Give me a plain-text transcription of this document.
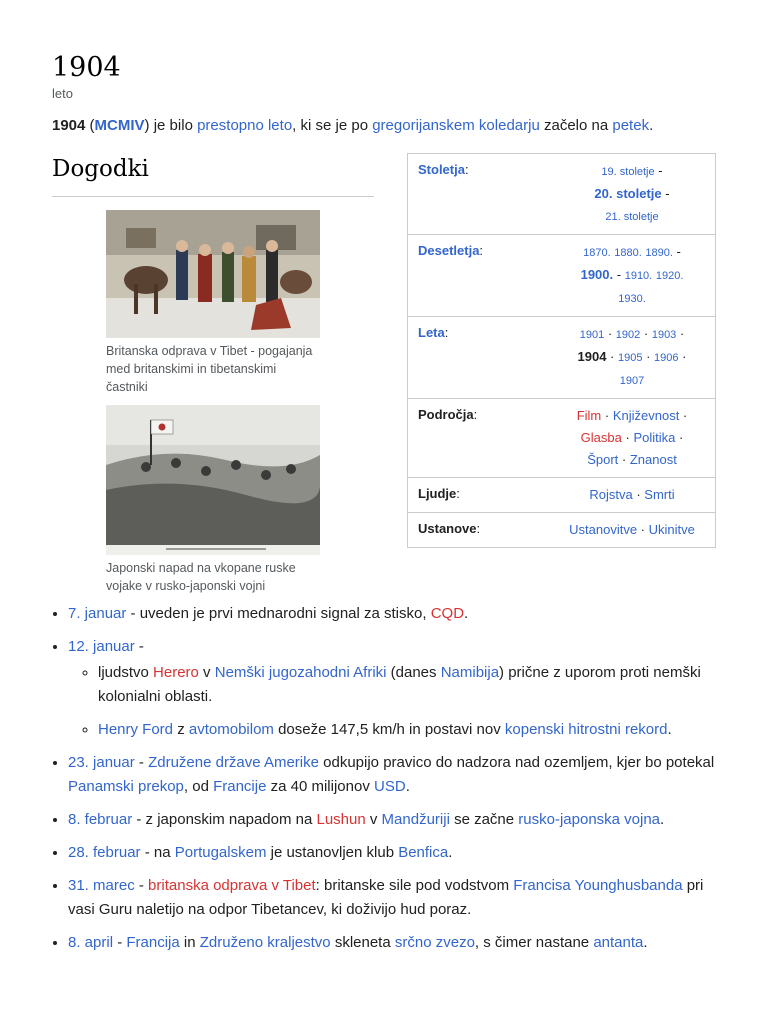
1904
leto
1904 (MCMIV) je bilo prestopno leto, ki se je po gregorijanskem koledarju začelo na petek.
Dogodki
Britanska odprava v Tibet - pogajanja med britanskimi in tibetanskimi častniki
Japonski napad na vkopane ruske vojake v rusko-japonski vojni
Stoletja:	19. stoletje -
20. stoletje -
21. stoletje
Desetletja:	1870. 1880. 1890. -
1900. - 1910. 1920.
1930.
Leta:	1901 · 1902 · 1903 ·
1904 · 1905 · 1906 ·
1907
Področja:	Film · Književnost ·
Glasba · Politika ·
Šport · Znanost
Ljudje:	Rojstva · Smrti
Ustanove:	Ustanovitve · Ukinitve
• 7. januar - uveden je prvi mednarodni signal za stisko, CQD.
• 12. januar -
◦ ljudstvo Herero v Nemški jugozahodni Afriki (danes Namibija) prične z uporom proti nemški kolonialni oblasti.
◦ Henry Ford z avtomobilom doseže 147,5 km/h in postavi nov kopenski hitrostni rekord.
• 23. januar - Združene države Amerike odkupijo pravico do nadzora nad ozemljem, kjer bo potekal Panamski prekop, od Francije za 40 milijonov USD.
• 8. februar - z japonskim napadom na Lushun v Mandžuriji se začne rusko-japonska vojna.
• 28. februar - na Portugalskem je ustanovljen klub Benfica.
• 31. marec - britanska odprava v Tibet: britanske sile pod vodstvom Francisa Younghusbanda pri vasi Guru naletijo na odpor Tibetancev, ki doživijo hud poraz.
• 8. april - Francija in Združeno kraljestvo skleneta srčno zvezo, s čimer nastane antanta.
